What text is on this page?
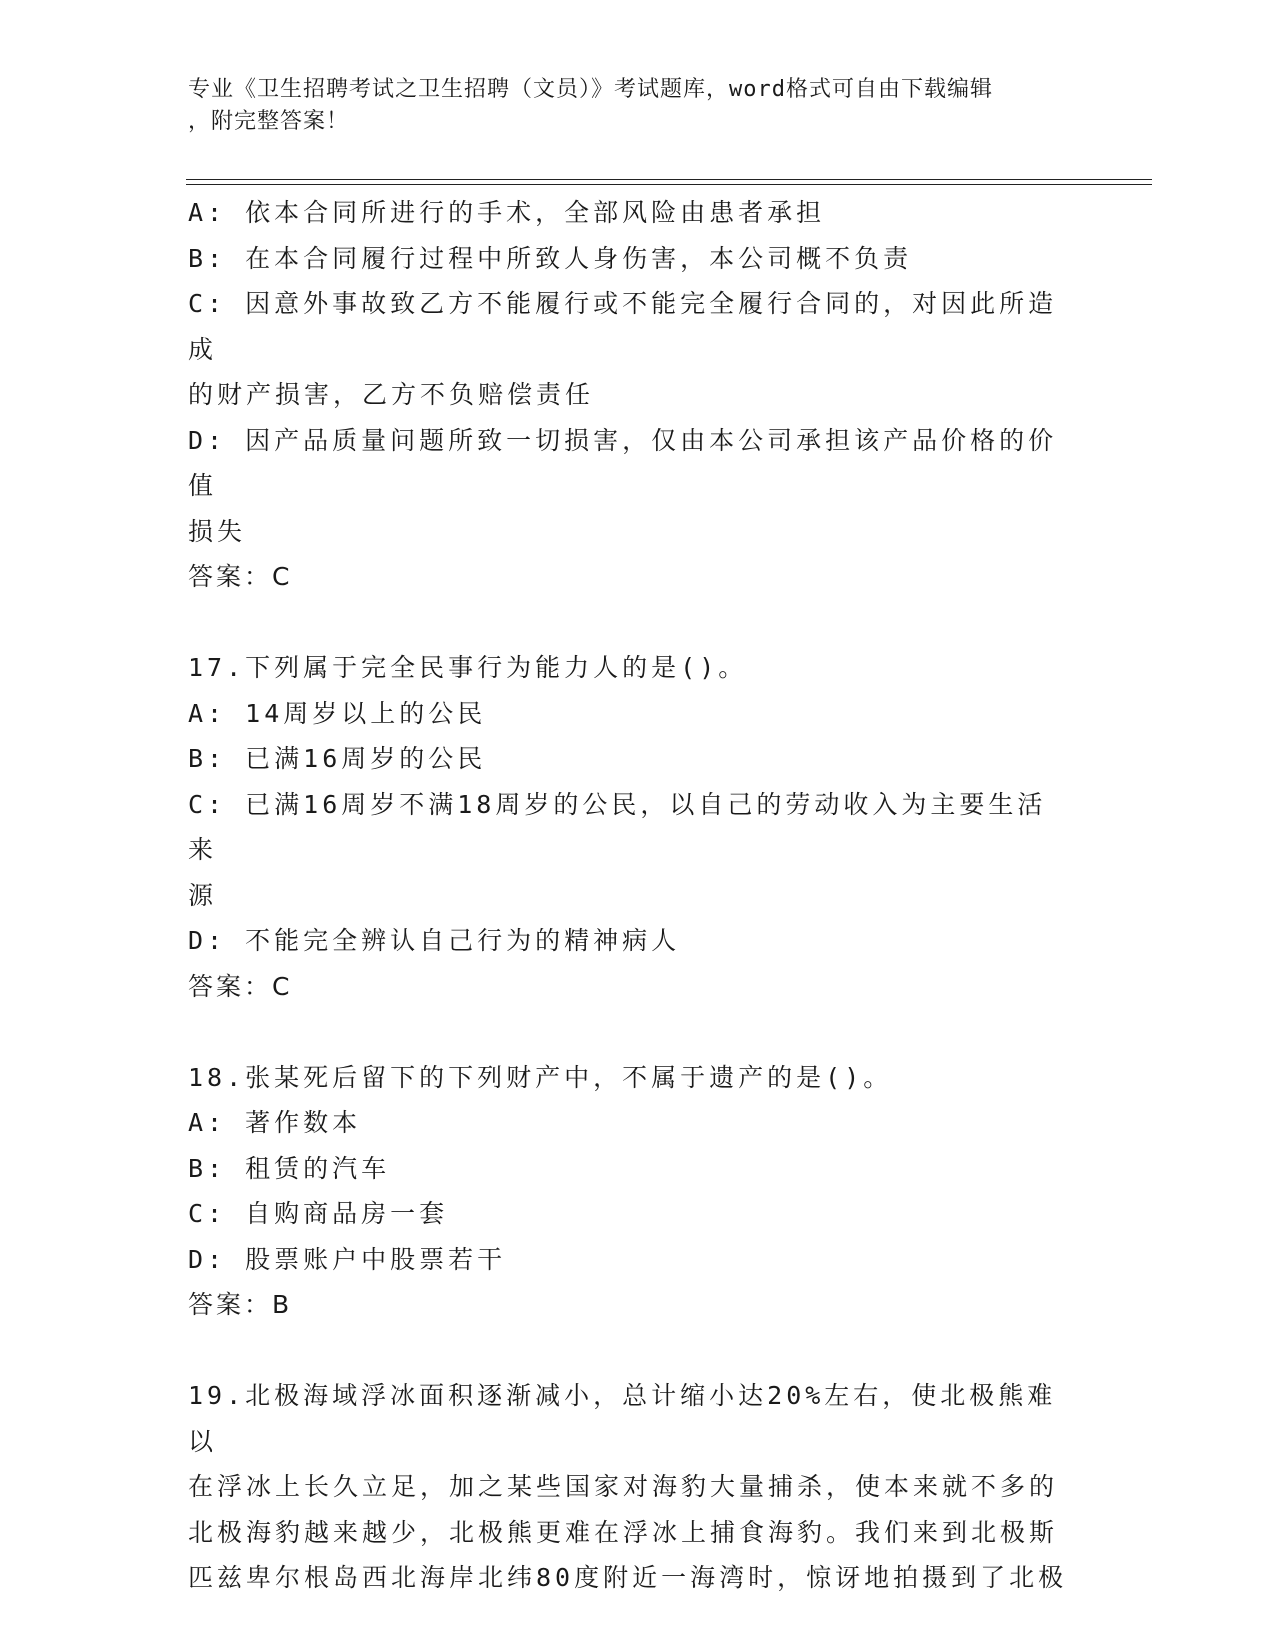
专业《卫生招聘考试之卫生招聘（文员）》考试题库，word格式可自由下载编辑
，附完整答案！

A: 依本合同所进行的手术，全部风险由患者承担

B: 在本合同履行过程中所致人身伤害，本公司概不负责

C: 因意外事故致乙方不能履行或不能完全履行合同的，对因此所造成

的财产损害，乙方不负赔偿责任

D: 因产品质量问题所致一切损害，仅由本公司承担该产品价格的价值

损失

答案：C

17.下列属于完全民事行为能力人的是()。

A: 14周岁以上的公民

B: 已满16周岁的公民

C: 已满16周岁不满18周岁的公民，以自己的劳动收入为主要生活来

源

D: 不能完全辨认自己行为的精神病人

答案：C

18.张某死后留下的下列财产中，不属于遗产的是()。

A: 著作数本

B: 租赁的汽车

C: 自购商品房一套

D: 股票账户中股票若干

答案：B

19.北极海域浮冰面积逐渐减小，总计缩小达20%左右，使北极熊难以

在浮冰上长久立足，加之某些国家对海豹大量捕杀，使本来就不多的

北极海豹越来越少，北极熊更难在浮冰上捕食海豹。我们来到北极斯

匹兹卑尔根岛西北海岸北纬80度附近一海湾时，惊讶地拍摄到了北极
